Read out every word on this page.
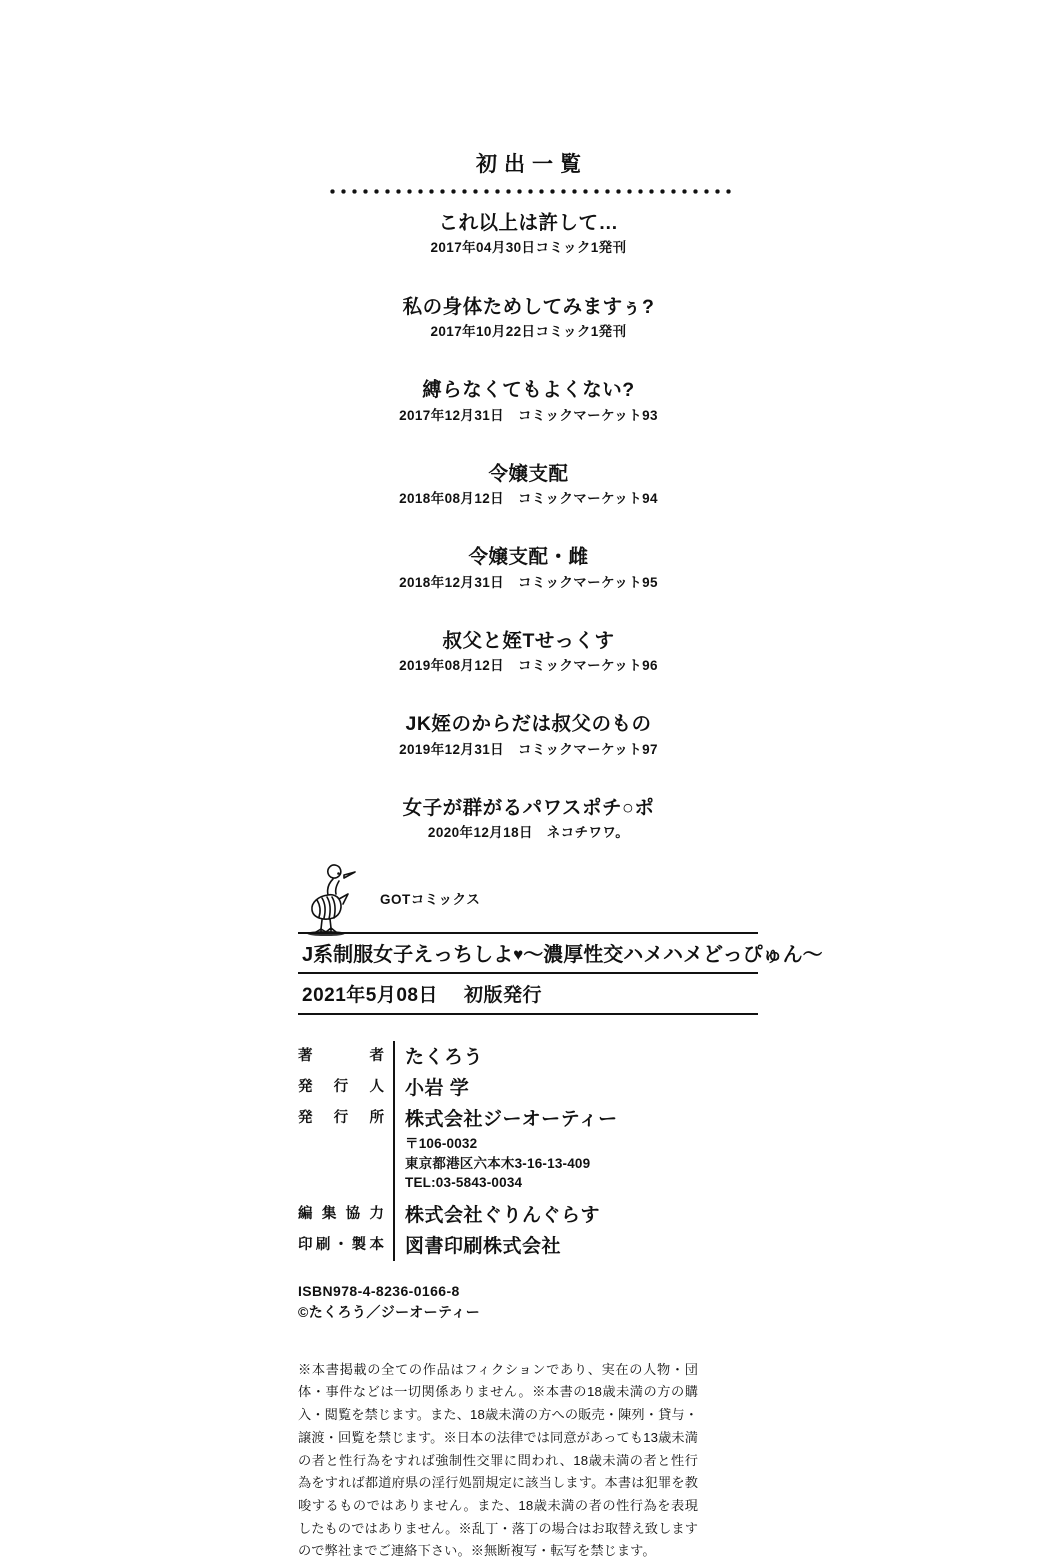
初出一覧
これ以上は許して…
2017年04月30日コミック1発刊
私の身体ためしてみますぅ?
2017年10月22日コミック1発刊
縛らなくてもよくない?
2017年12月31日　コミックマーケット93
令嬢支配
2018年08月12日　コミックマーケット94
令嬢支配・雌
2018年12月31日　コミックマーケット95
叔父と姪Tせっくす
2019年08月12日　コミックマーケット96
JK姪のからだは叔父のもの
2019年12月31日　コミックマーケット97
女子が群がるパワスポチ○ポ
2020年12月18日　ネコチワワ。
GOTコミックス
J系制服女子えっちしよ♥～濃厚性交ハメハメどっぴゅん～
2021年5月08日 初版発行
著　者	たくろう
発行人	小岩 学
発行所	株式会社ジーオーティー
〒106-0032
東京都港区六本木3-16-13-409
TEL:03-5843-0034

編集協力	株式会社ぐりんぐらす
印刷・製本	図書印刷株式会社
ISBN978-4-8236-0166-8
©たくろう／ジーオーティー

※本書掲載の全ての作品はフィクションであり、実在の人物・団体・事件などは一切関係ありません。※本書の18歳未満の方の購入・閲覧を禁じます。また、18歳未満の方への販売・陳列・貸与・譲渡・回覧を禁じます。※日本の法律では同意があっても13歳未満の者と性行為をすれば強制性交罪に問われ、18歳未満の者と性行為をすれば都道府県の淫行処罰規定に該当します。本書は犯罪を教唆するものではありません。また、18歳未満の者の性行為を表現したものではありません。※乱丁・落丁の場合はお取替え致しますので弊社までご連絡下さい。※無断複写・転写を禁じます。
